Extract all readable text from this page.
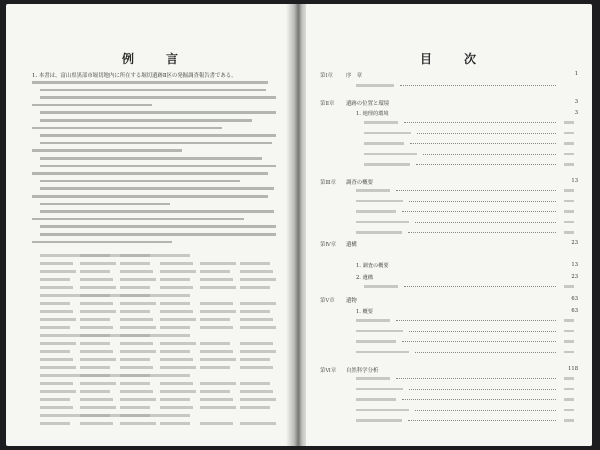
例　言
1. 本書は、富山県黒部市堀切地内に所在する堀切遺跡Ⅱ区の発掘調査報告書である。
目　次
第Ⅰ章 序　章	1
第Ⅱ章 遺跡の位置と環境	3
1. 地理的環境	3
第Ⅲ章 調査の概要	13
第Ⅳ章 遺構	23
1. 調査の概要	13
2. 遺構	23
第Ⅴ章 遺物	63
1. 概要	63
第Ⅵ章 自然科学分析	118
